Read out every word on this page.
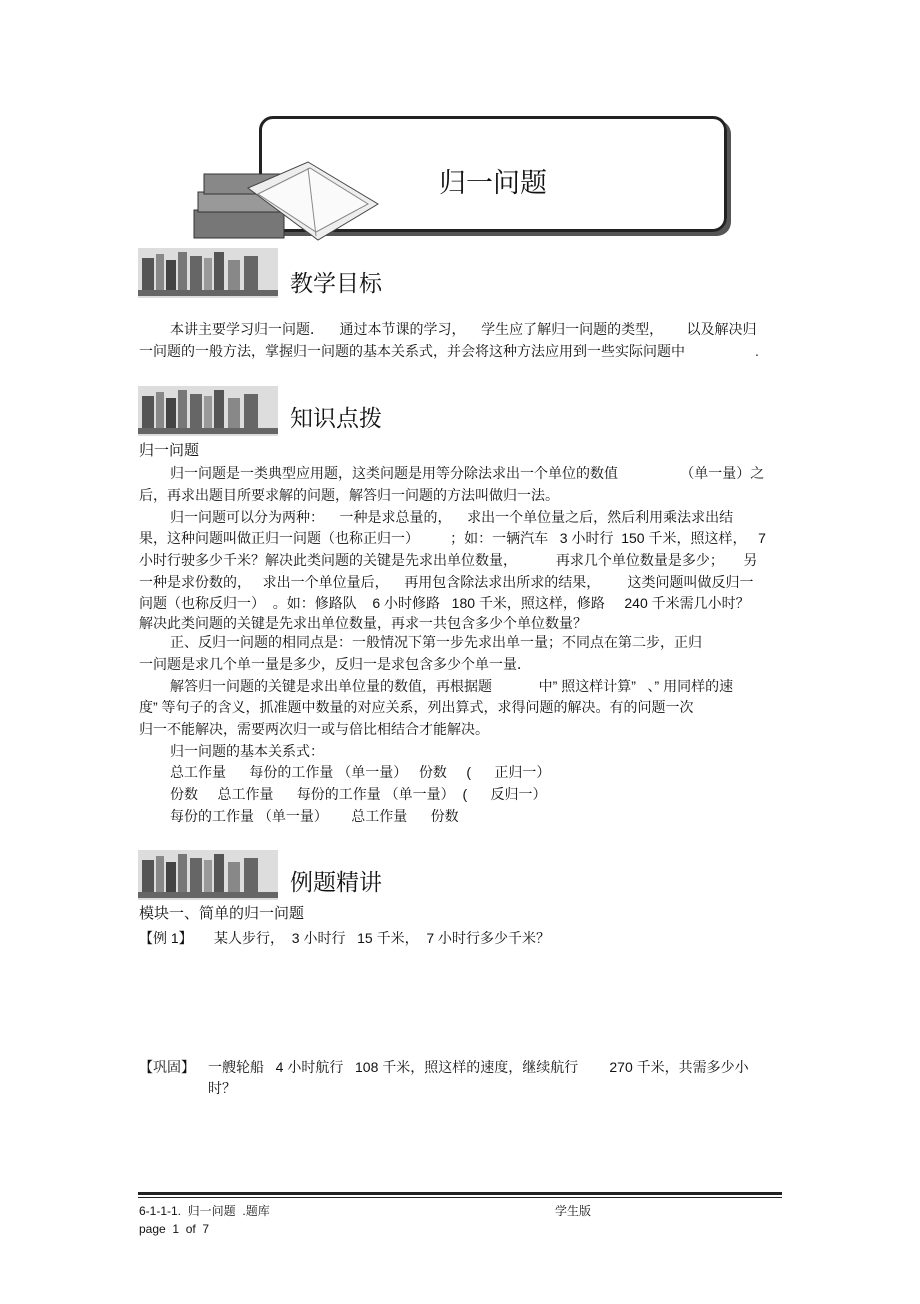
归一问题
教学目标
本讲主要学习归一问题．    通过本节课的学习，    学生应了解归一问题的类型，      以及解决归
一问题的一般方法，掌握归一问题的基本关系式，并会将这种方法应用到一些实际问题中                  .
知识点拨
归一问题
归一问题是一类典型应用题，这类问题是用等分除法求出一个单位的数值                （单一量）之
后，再求出题目所要求解的问题，解答归一问题的方法叫做归一法。
归一问题可以分为两种：    一种是求总量的，    求出一个单位量之后，然后利用乘法求出结
果，这种问题叫做正归一问题（也称正归一）        ；如：一辆汽车   3 小时行  150 千米，照这样，   7
小时行驶多少千米？解决此类问题的关键是先求出单位数量，          再求几个单位数量是多少；     另
一种是求份数的，   求出一个单位量后，    再用包含除法求出所求的结果，       这类问题叫做反归一
问题（也称反归一）  。如：修路队    6 小时修路   180 千米，照这样，修路     240 千米需几小时？
解决此类问题的关键是先求出单位数量，再求一共包含多少个单位数量？
正、反归一问题的相同点是：一般情况下第一步先求出单一量；不同点在第二步，正归
一问题是求几个单一量是多少，反归一是求包含多少个单一量．
解答归一问题的关键是求出单位量的数值，再根据题            中” 照这样计算”   、” 用同样的速
度” 等句子的含义，抓准题中数量的对应关系，列出算式，求得问题的解决。有的问题一次
归一不能解决，需要两次归一或与倍比相结合才能解决。
归一问题的基本关系式：
总工作量      每份的工作量 （单一量）   份数     (      正归一）
份数     总工作量      每份的工作量 （单一量）  (      反归一）
每份的工作量 （单一量）      总工作量      份数
例题精讲
模块一、简单的归一问题
【例 1】 某人步行，  3 小时行   15 千米，  7 小时行多少千米？
【巩固】 一艘轮船   4 小时航行   108 千米，照这样的速度，继续航行        270 千米，共需多少小
时？
6-1-1-1.  归一问题  .题库	学生版
page  1  of  7
